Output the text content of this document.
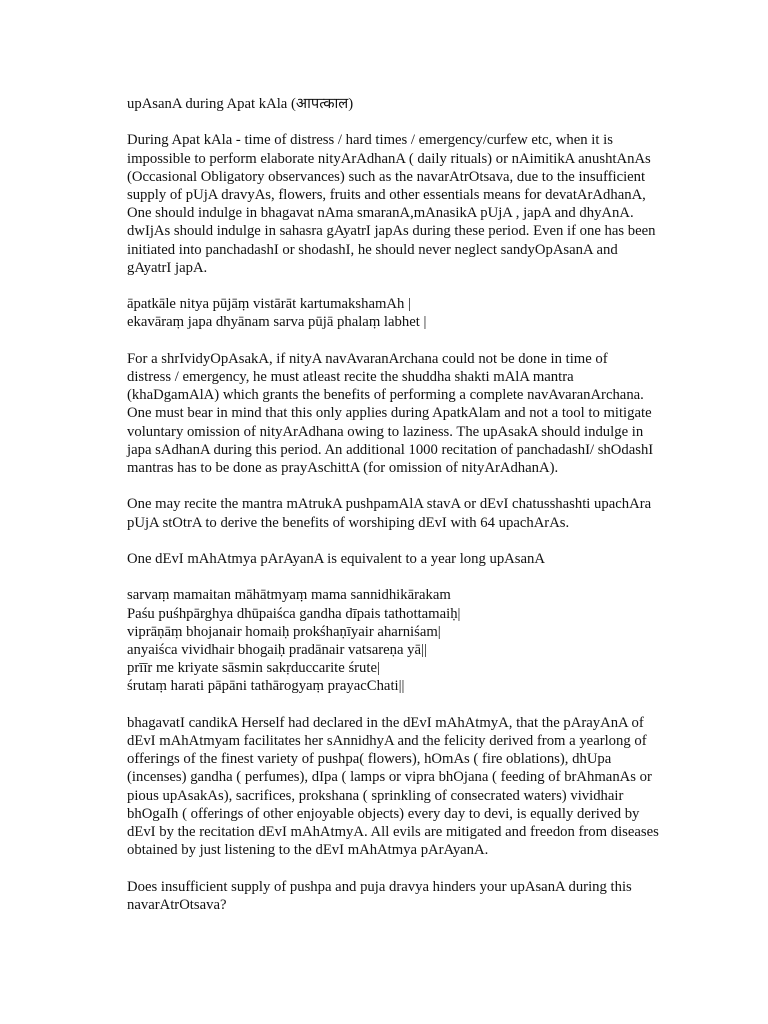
upAsanA during Apat kAla (आपत्काल)
During Apat kAla - time of distress / hard times / emergency/curfew etc, when it is
impossible to perform elaborate nityArAdhanA ( daily rituals) or nAimitikA anushtAnAs
(Occasional Obligatory observances) such as the navarAtrOtsava, due to the insufficient
supply of pUjA dravyAs, flowers, fruits and other essentials means for devatArAdhanA,
One should indulge in bhagavat nAma smaranA,mAnasikA pUjA , japA and dhyAnA.
dwIjAs should indulge in sahasra gAyatrI japAs during these period. Even if one has been
initiated into panchadashI or shodashI, he should never neglect sandyOpAsanA and
gAyatrI japA.
āpatkāle nitya pūjāṃ vistārāt kartumakshamAh |
ekavāraṃ japa dhyānam sarva pūjā phalaṃ labhet |
For a shrIvidyOpAsakA, if nityA navAvaranArchana could not be done in time of
distress / emergency, he must atleast recite the shuddha shakti mAlA mantra
(khaDgamAlA) which grants the benefits of performing a complete navAvaranArchana.
One must bear in mind that this only applies during ApatkAlam and not a tool to mitigate
voluntary omission of nityArAdhana owing to laziness. The upAsakA should indulge in
japa sAdhanA during this period. An additional 1000 recitation of panchadashI/ shOdashI
mantras has to be done as prayAschittA (for omission of nityArAdhanA).
One may recite the mantra mAtrukA pushpamAlA stavA or dEvI chatusshashti upachAra
pUjA stOtrA to derive the benefits of worshiping dEvI with 64 upachArAs.
One dEvI mAhAtmya pArAyanA is equivalent to a year long upAsanA
sarvaṃ mamaitan māhātmyaṃ mama sannidhikārakam
Paśu puśhpārghya dhūpaiśca gandha dīpais tathottamaiḥ|
viprāṇāṃ bhojanair homaiḥ prokśhaṇīyair aharniśam|
anyaiśca vividhair bhogaiḥ pradānair vatsareṇa yā||
prīīr me kriyate sāsmin sakṛduccarite śrute|
śrutaṃ harati pāpāni tathārogyaṃ prayacChati||
bhagavatI candikA Herself had declared in the dEvI mAhAtmyA, that the pArayAnA of
dEvI mAhAtmyam facilitates her sAnnidhyA and the felicity derived from a yearlong of
offerings of the finest variety of pushpa( flowers), hOmAs ( fire oblations), dhUpa
(incenses) gandha ( perfumes), dIpa ( lamps or vipra bhOjana ( feeding of brAhmanAs or
pious upAsakAs), sacrifices, prokshana ( sprinkling of consecrated waters) vividhair
bhOgaIh ( offerings of other enjoyable objects) every day to devi, is equally derived by
dEvI by the recitation dEvI mAhAtmyA. All evils are mitigated and freedon from diseases
obtained by just listening to the dEvI mAhAtmya pArAyanA.
Does insufficient supply of pushpa and puja dravya hinders your upAsanA during this
navarAtrOtsava?
